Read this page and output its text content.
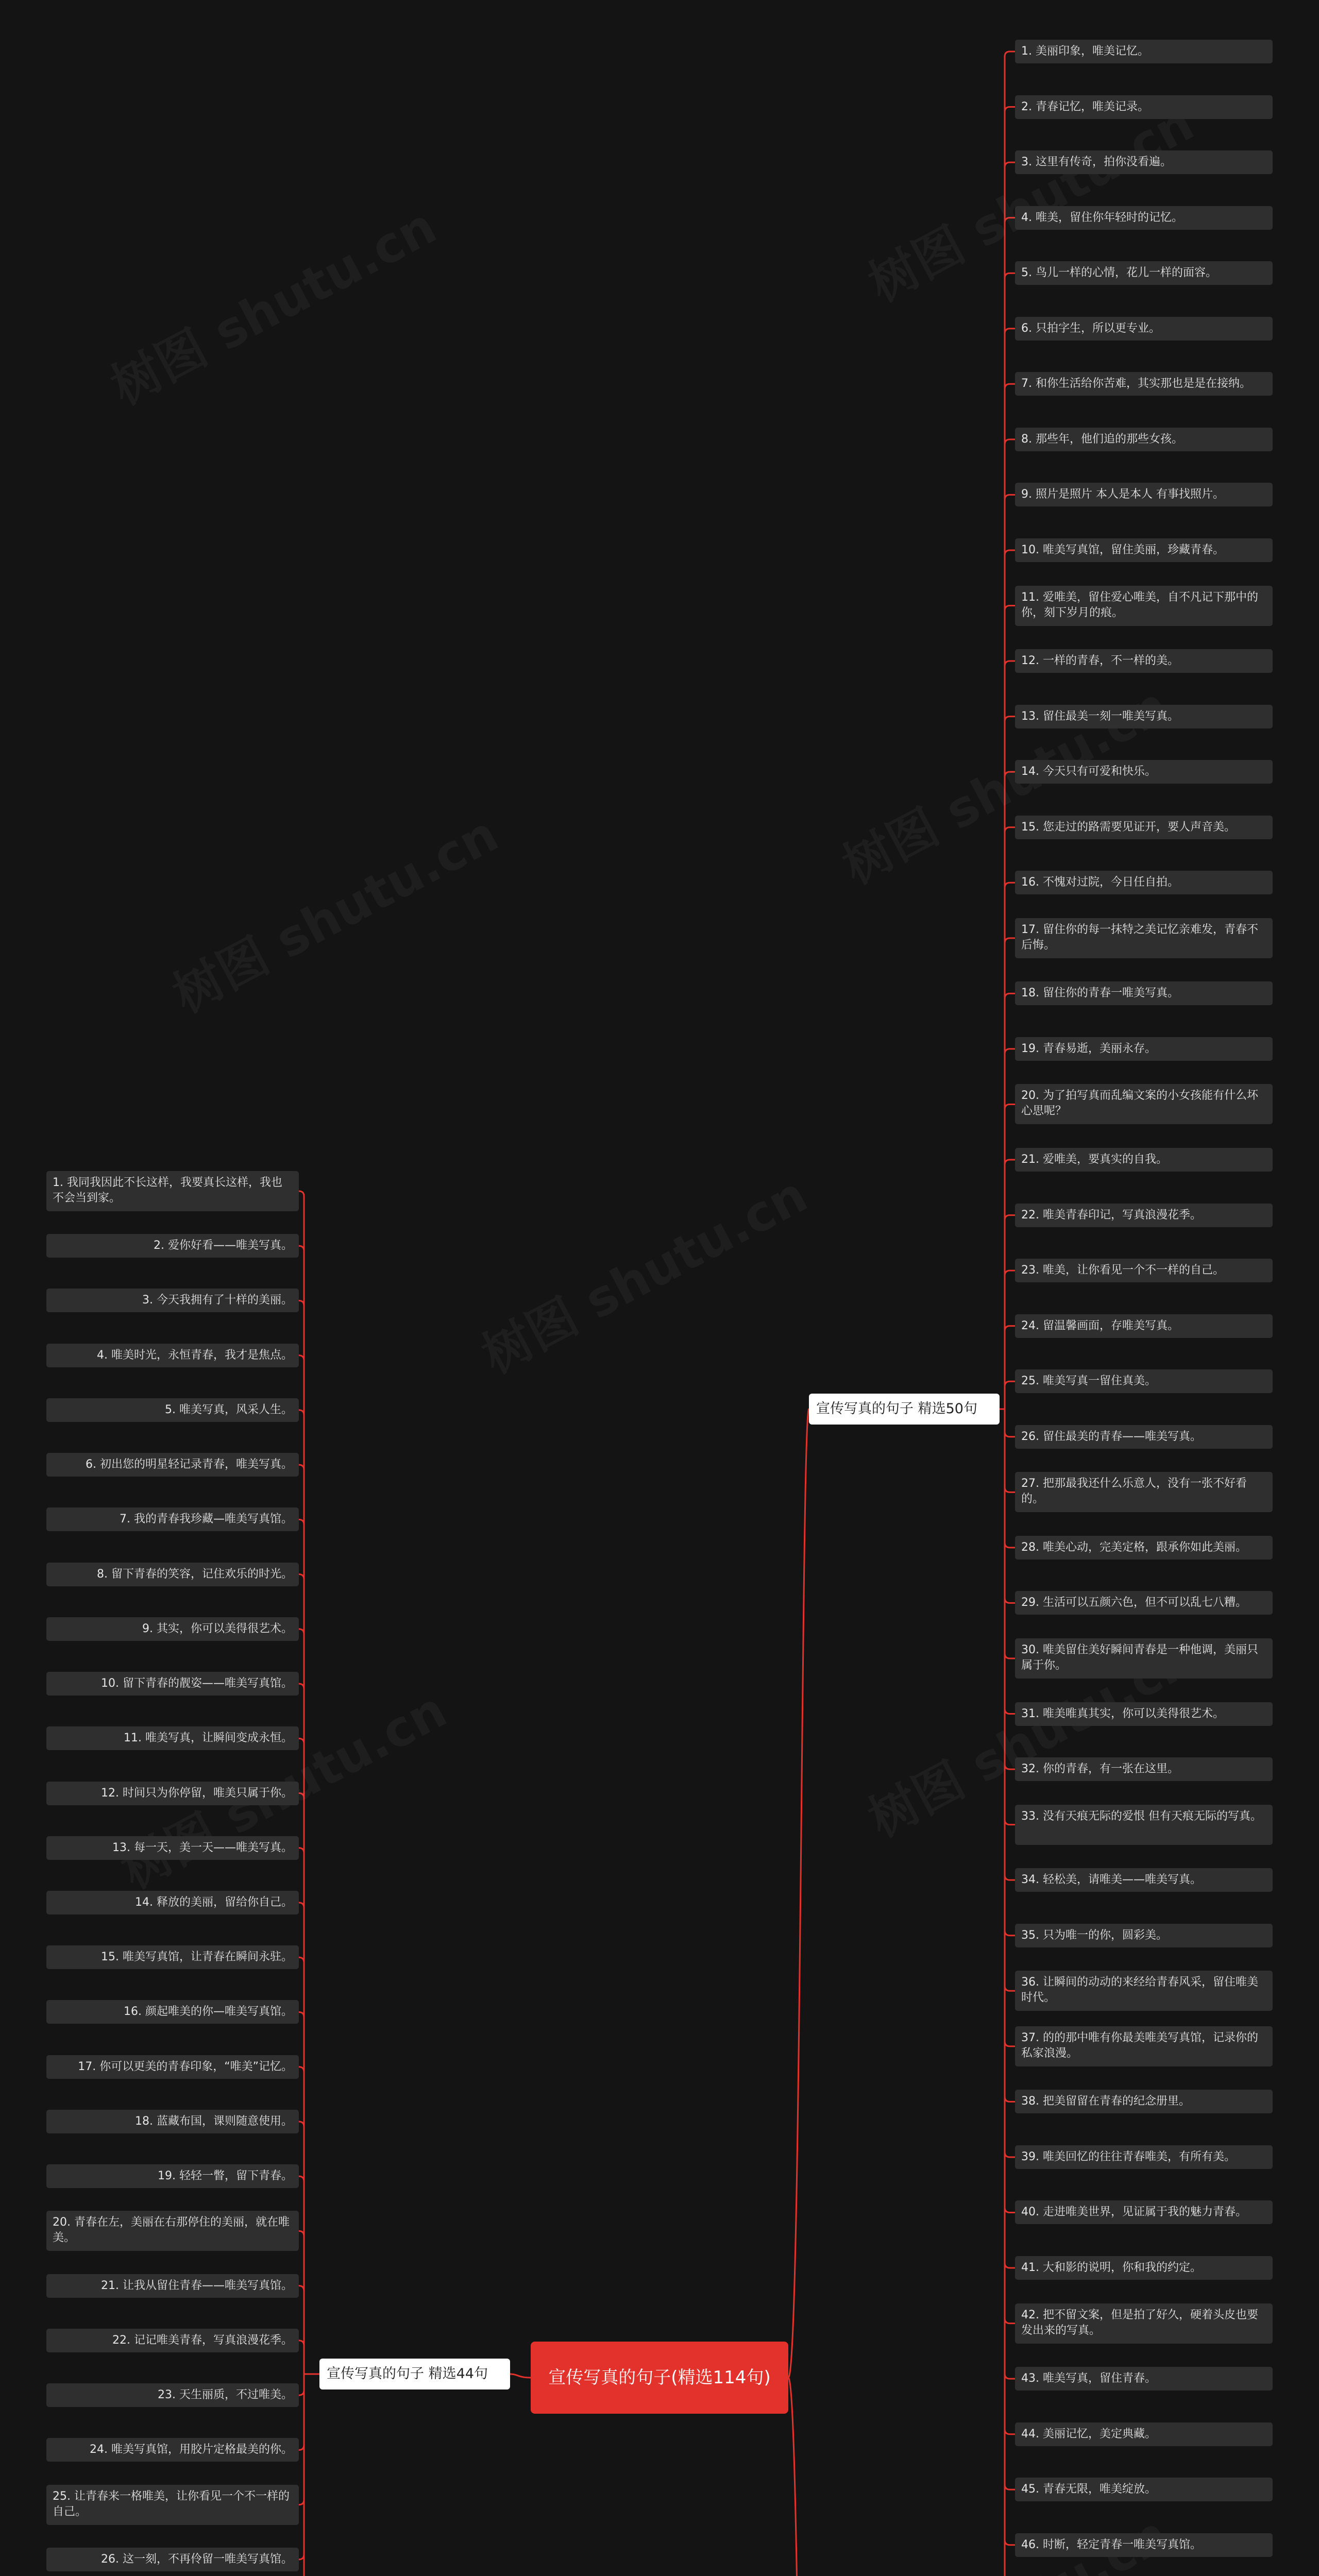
宣传写真的句子(精选114句)
宣传写真的句子 精选44句
1. 我同我因此不长这样，我要真长这样，我也不会当到家。
2. 爱你好看——唯美写真。
3. 今天我拥有了十样的美丽。
4. 唯美时光，永恒青春，我才是焦点。
5. 唯美写真，风采人生。
6. 初出您的明星轻记录青春，唯美写真。
7. 我的青春我珍藏—唯美写真馆。
8. 留下青春的笑容，记住欢乐的时光。
9. 其实，你可以美得很艺术。
10. 留下青春的靓姿——唯美写真馆。
11. 唯美写真，让瞬间变成永恒。
12. 时间只为你停留，唯美只属于你。
13. 每一天，美一天——唯美写真。
14. 释放的美丽，留给你自己。
15. 唯美写真馆，让青春在瞬间永驻。
16. 颜起唯美的你—唯美写真馆。
17. 你可以更美的青春印象，“唯美”记忆。
18. 蓝藏布国，课则随意使用。
19. 轻轻一瞥，留下青春。
20. 青春在左，美丽在右那停住的美丽，就在唯美。
21. 让我从留住青春——唯美写真馆。
22. 记记唯美青春，写真浪漫花季。
23. 天生丽质，不过唯美。
24. 唯美写真馆，用胶片定格最美的你。
25. 让青春来一格唯美，让你看见一个不一样的自己。
26. 这一刻，不再伶留一唯美写真馆。
宣传写真的句子 精选50句
1. 美丽印象，唯美记忆。
2. 青春记忆，唯美记录。
3. 这里有传奇，拍你没看遍。
4. 唯美，留住你年轻时的记忆。
5. 鸟儿一样的心情，花儿一样的面容。
6. 只拍字生，所以更专业。
7. 和你生活给你苦难，其实那也是是在接纳。
8. 那些年，他们追的那些女孩。
9. 照片是照片 本人是本人 有事找照片。
10. 唯美写真馆，留住美丽，珍藏青春。
11. 爱唯美，留住爱心唯美，自不凡记下那中的你，刻下岁月的痕。
12. 一样的青春，不一样的美。
13. 留住最美一刻一唯美写真。
14. 今天只有可爱和快乐。
15. 您走过的路需要见证开，要人声音美。
16. 不愧对过院，今日任自拍。
17. 留住你的每一抹特之美记忆亲难发，青春不后悔。
18. 留住你的青春一唯美写真。
19. 青春易逝，美丽永存。
20. 为了拍写真而乱编文案的小女孩能有什么坏心思呢？
21. 爱唯美，要真实的自我。
22. 唯美青春印记，写真浪漫花季。
23. 唯美，让你看见一个不一样的自己。
24. 留温馨画面，存唯美写真。
25. 唯美写真一留住真美。
26. 留住最美的青春——唯美写真。
27. 把那最我还什么乐意人，没有一张不好看的。
28. 唯美心动，完美定格，跟承你如此美丽。
29. 生活可以五颜六色，但不可以乱七八糟。
30. 唯美留住美好瞬间青春是一种他调，美丽只属于你。
31. 唯美唯真其实，你可以美得很艺术。
32. 你的青春，有一张在这里。
33. 没有天痕无际的爱恨 但有天痕无际的写真。
34. 轻松美，请唯美——唯美写真。
35. 只为唯一的你，圆彩美。
36. 让瞬间的动动的来经给青春风采，留住唯美时代。
37. 的的那中唯有你最美唯美写真馆，记录你的私家浪漫。
38. 把美留留在青春的纪念册里。
39. 唯美回忆的往往青春唯美，有所有美。
40. 走进唯美世界，见证属于我的魅力青春。
41. 大和影的说明，你和我的约定。
42. 把不留文案，但是拍了好久，硬着头皮也要发出来的写真。
43. 唯美写真，留住青春。
44. 美丽记忆，美定典藏。
45. 青春无限，唯美绽放。
46. 时断，轻定青春一唯美写真馆。
